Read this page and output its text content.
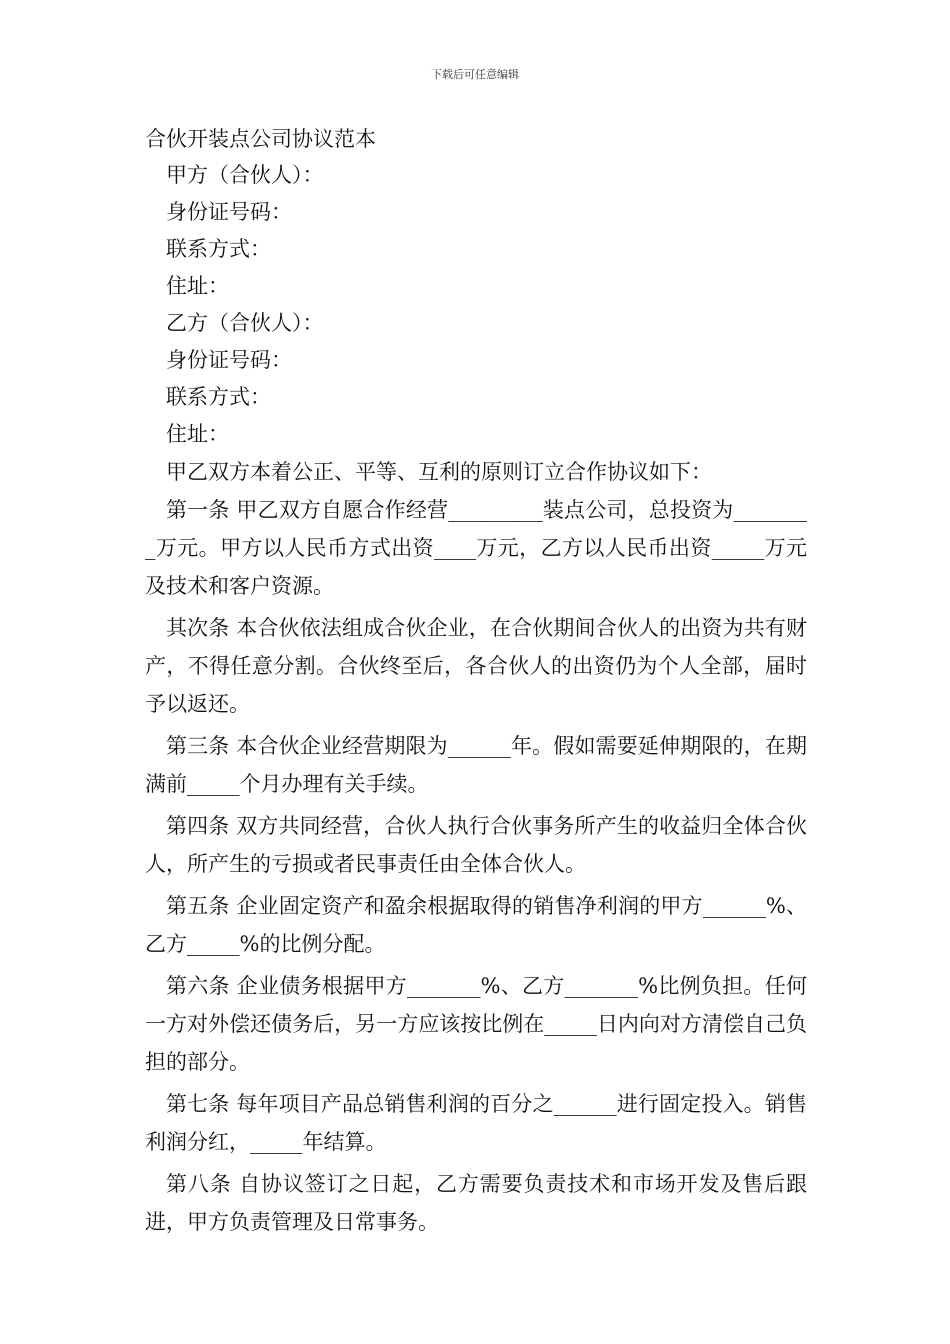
下载后可任意编辑

合伙开装点公司协议范本

甲方（合伙人）：

身份证号码：

联系方式：

住址：

乙方（合伙人）：

身份证号码：

联系方式：

住址：

甲乙双方本着公正、平等、互利的原则订立合作协议如下：

第一条 甲乙双方自愿合作经营_________装点公司，总投资为________万元。甲方以人民币方式出资____万元，乙方以人民币出资_____万元及技术和客户资源。

其次条 本合伙依法组成合伙企业，在合伙期间合伙人的出资为共有财产，不得任意分割。合伙终至后，各合伙人的出资仍为个人全部，届时予以返还。

第三条 本合伙企业经营期限为______年。假如需要延伸期限的，在期满前_____个月办理有关手续。

第四条 双方共同经营，合伙人执行合伙事务所产生的收益归全体合伙人，所产生的亏损或者民事责任由全体合伙人。

第五条 企业固定资产和盈余根据取得的销售净利润的甲方______%、乙方_____%的比例分配。

第六条 企业债务根据甲方_______%、乙方_______%比例负担。任何一方对外偿还债务后，另一方应该按比例在_____日内向对方清偿自己负担的部分。

第七条 每年项目产品总销售利润的百分之______进行固定投入。销售利润分红，_____年结算。

第八条 自协议签订之日起，乙方需要负责技术和市场开发及售后跟进，甲方负责管理及日常事务。
